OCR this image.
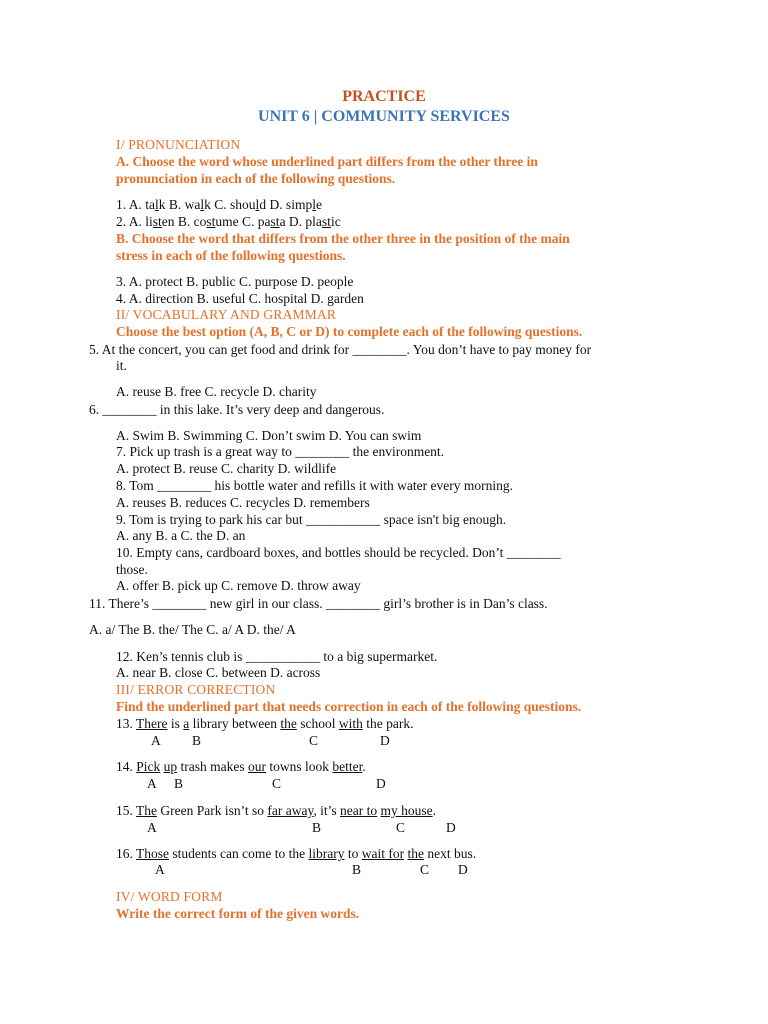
PRACTICE
UNIT 6 | COMMUNITY SERVICES
I/ PRONUNCIATION
A. Choose the word whose underlined part differs from the other three in
pronunciation in each of the following questions.
1. A. talk B. walk C. should D. simple
2. A. listen B. costume C. pasta D. plastic
B. Choose the word that differs from the other three in the position of the main
stress in each of the following questions.
3. A. protect B. public C. purpose D. people
4. A. direction B. useful C. hospital D. garden
II/ VOCABULARY AND GRAMMAR
Choose the best option (A, B, C or D) to complete each of the following questions.
5. At the concert, you can get food and drink for ________. You don’t have to pay money for
it.
A. reuse B. free C. recycle D. charity
6. ________ in this lake. It’s very deep and dangerous.
A. Swim B. Swimming C. Don’t swim D. You can swim
7. Pick up trash is a great way to ________ the environment.
A. protect B. reuse C. charity D. wildlife
8. Tom ________ his bottle water and refills it with water every morning.
A. reuses B. reduces C. recycles D. remembers
9. Tom is trying to park his car but ___________ space isn't big enough.
A. any B. a C. the D. an
10. Empty cans, cardboard boxes, and bottles should be recycled. Don’t ________
those.
A. offer B. pick up C. remove D. throw away
11. There’s ________ new girl in our class. ________ girl’s brother is in Dan’s class.
A. a/ The B. the/ The C. a/ A D. the/ A
12. Ken’s tennis club is ___________ to a big supermarket.
A. near B. close C. between D. across
III/ ERROR CORRECTION
Find the underlined part that needs correction in each of the following questions.
13. There is a library between the school with the park.
A B	C	D
14. Pick up trash makes our towns look better.
A B	C	D
15. The Green Park isn’t so far away, it’s near to my house.
A	B	C	D
16. Those students can come to the library to wait for the next bus.
A	B	C D
IV/ WORD FORM
Write the correct form of the given words.
